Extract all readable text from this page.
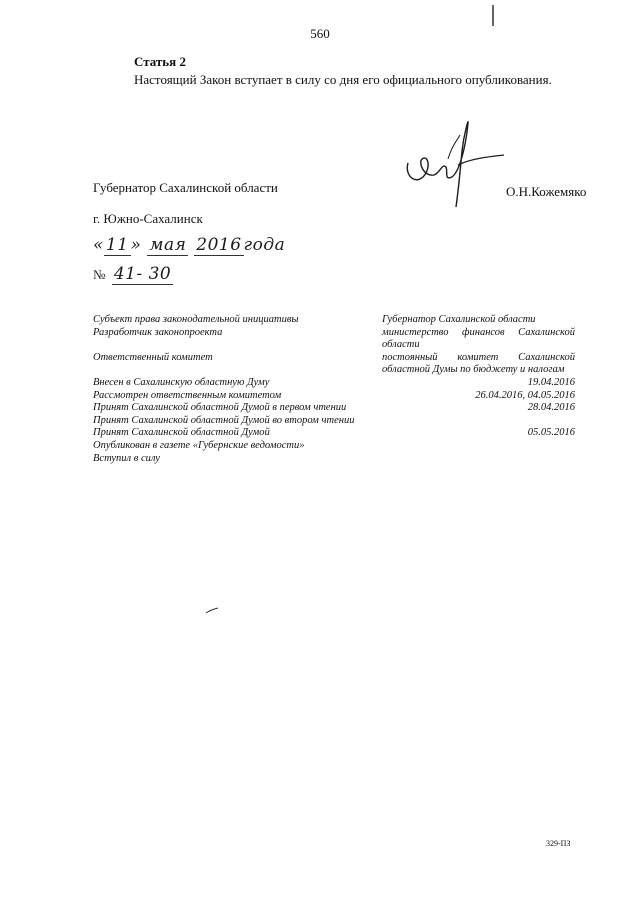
560
Статья 2
Настоящий Закон вступает в силу со дня его официального опубликования.
Губернатор Сахалинской области	О.Н.Кожемяко
г. Южно-Сахалинск
« 11 » мая 2016 года
№ 41- 30
Субъект права законодательной инициативы
Разработчик законопроекта
Ответственный комитет
Внесен в Сахалинскую областную Думу
Рассмотрен ответственным комитетом
Принят Сахалинской областной Думой в первом чтении
Принят Сахалинской областной Думой во втором чтении
Принят Сахалинской областной Думой
Опубликован в газете «Губернские ведомости»
Вступил в силу
Губернатор Сахалинской области
министерство финансов Сахалинской
области
постоянный комитет Сахалинской
областной Думы по бюджету и налогам
19.04.2016
26.04.2016, 04.05.2016
28.04.2016
05.05.2016
329-ПЗ
